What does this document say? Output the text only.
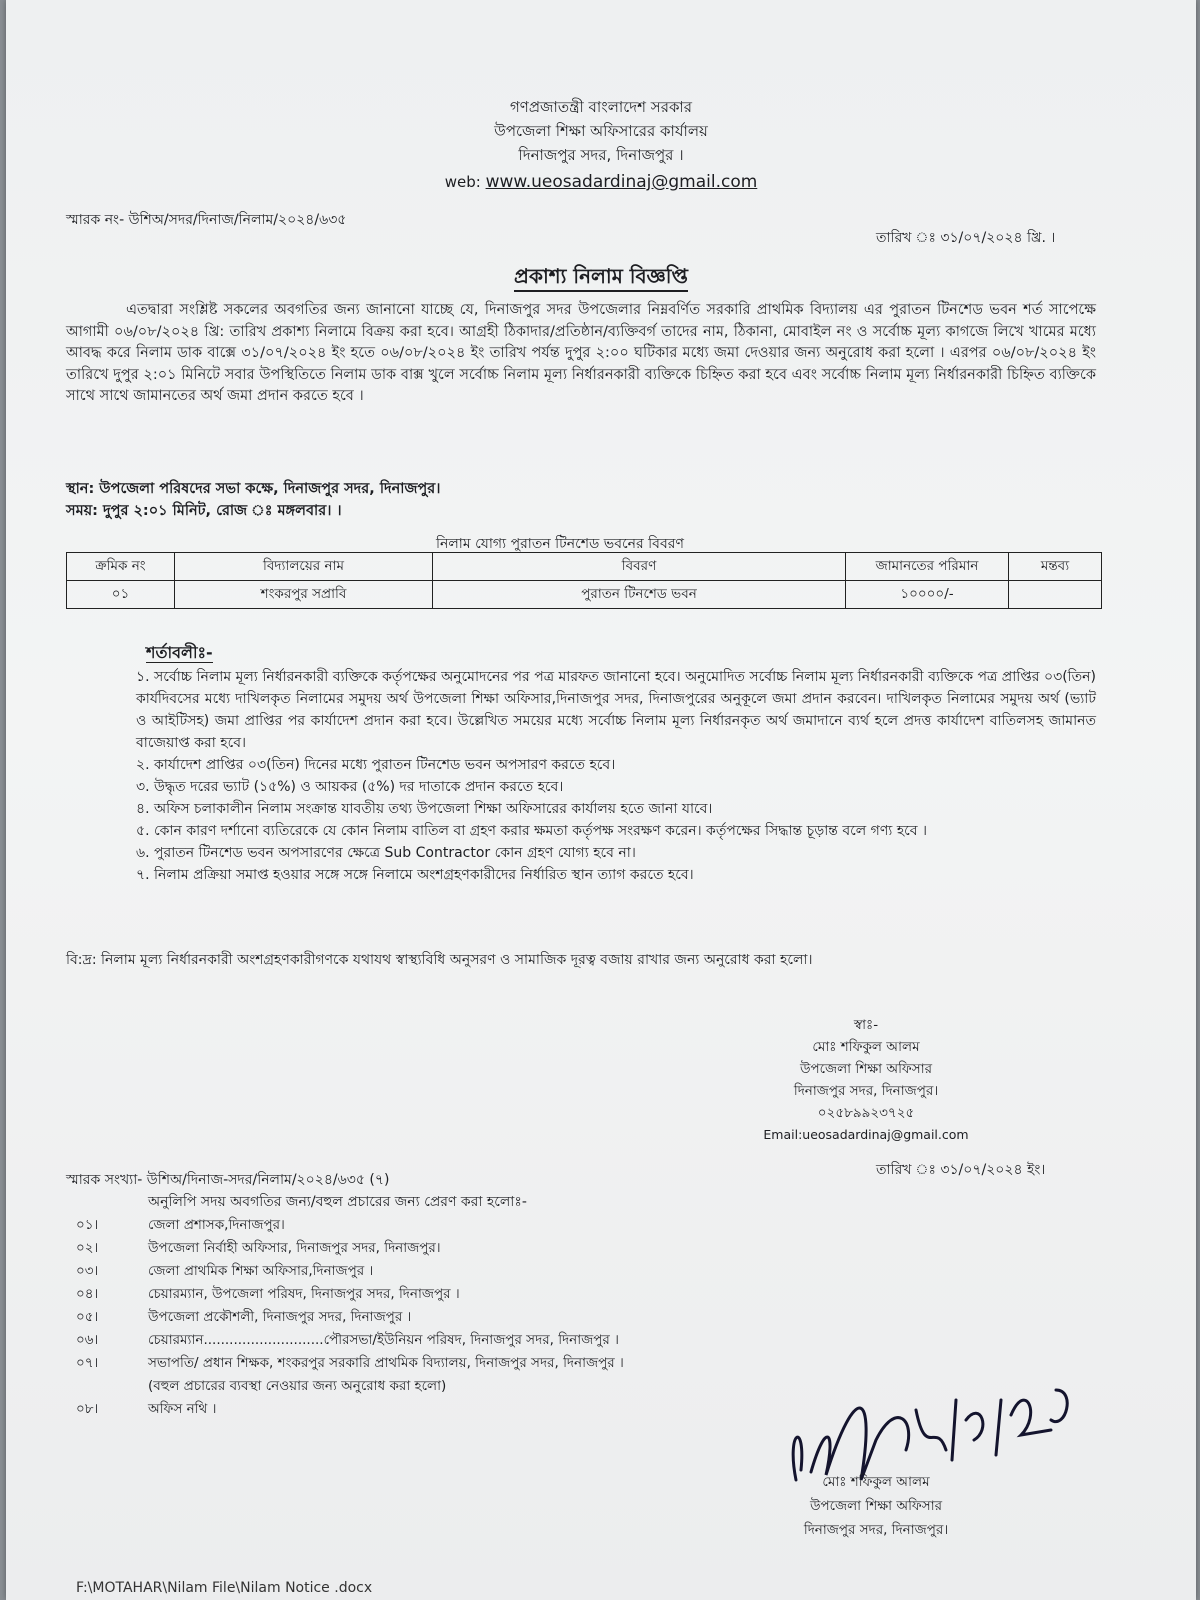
গণপ্রজাতন্ত্রী বাংলাদেশ সরকার
উপজেলা শিক্ষা অফিসারের কার্যালয়
দিনাজপুর সদর, দিনাজপুর ।
web: www.ueosadardinaj@gmail.com
স্মারক নং- উশিঅ/সদর/দিনাজ/নিলাম/২০২৪/৬৩৫
তারিখ ঃ ৩১/০৭/২০২৪ খ্রি. ।
প্রকাশ্য নিলাম বিজ্ঞপ্তি
এতদ্বারা সংশ্লিষ্ট সকলের অবগতির জন্য জানানো যাচ্ছে যে, দিনাজপুর সদর উপজেলার নিম্নবর্ণিত সরকারি প্রাথমিক বিদ্যালয় এর পুরাতন টিনশেড ভবন শর্ত সাপেক্ষে আগামী ০৬/০৮/২০২৪ খ্রি: তারিখ প্রকাশ্য নিলামে বিক্রয় করা হবে। আগ্রহী ঠিকাদার/প্রতিষ্ঠান/ব্যক্তিবর্গ তাদের নাম, ঠিকানা, মোবাইল নং ও সর্বোচ্চ মূল্য কাগজে লিখে খামের মধ্যে আবদ্ধ করে নিলাম ডাক বাক্সে ৩১/০৭/২০২৪ ইং হতে ০৬/০৮/২০২৪ ইং তারিখ পর্যন্ত দুপুর ২:০০ ঘটিকার মধ্যে জমা দেওয়ার জন্য অনুরোধ করা হলো । এরপর ০৬/০৮/২০২৪ ইং তারিখে দুপুর ২:০১ মিনিটে সবার উপস্থিতিতে নিলাম ডাক বাক্স খুলে সর্বোচ্চ নিলাম মূল্য নির্ধারনকারী ব্যক্তিকে চিহ্নিত করা হবে এবং সর্বোচ্চ নিলাম মূল্য নির্ধারনকারী চিহ্নিত ব্যক্তিকে সাথে সাথে জামানতের অর্থ জমা প্রদান করতে হবে ।
স্থান: উপজেলা পরিষদের সভা কক্ষে, দিনাজপুর সদর, দিনাজপুর।
সময়: দুপুর ২:০১ মিনিট, রোজ ঃ মঙ্গলবার। ।
নিলাম যোগ্য পুরাতন টিনশেড ভবনের বিবরণ
ক্রমিক নং	বিদ্যালয়ের নাম	বিবরণ	জামানতের পরিমান	মন্তব্য
০১	শংকরপুর সপ্রাবি	পুরাতন টিনশেড ভবন	১০০০০/-	
শর্তাবলীঃ-
১. সর্বোচ্চ নিলাম মূল্য নির্ধারনকারী ব্যক্তিকে কর্তৃপক্ষের অনুমোদনের পর পত্র মারফত জানানো হবে। অনুমোদিত সর্বোচ্চ নিলাম মূল্য নির্ধারনকারী ব্যক্তিকে পত্র প্রাপ্তির ০৩(তিন) কার্যদিবসের মধ্যে দাখিলকৃত নিলামের সমুদয় অর্থ উপজেলা শিক্ষা অফিসার,দিনাজপুর সদর, দিনাজপুরের অনুকূলে জমা প্রদান করবেন। দাখিলকৃত নিলামের সমুদয় অর্থ (ভ্যাট ও আইটিসহ) জমা প্রাপ্তির পর কার্যাদেশ প্রদান করা হবে। উল্লেখিত সময়ের মধ্যে সর্বোচ্চ নিলাম মূল্য নির্ধারনকৃত অর্থ জমাদানে ব্যর্থ হলে প্রদত্ত কার্যাদেশ বাতিলসহ জামানত বাজেয়াপ্ত করা হবে।
২. কার্যাদেশ প্রাপ্তির ০৩(তিন) দিনের মধ্যে পুরাতন টিনশেড ভবন অপসারণ করতে হবে।
৩. উদ্ধৃত দরের ভ্যাট (১৫%) ও আয়কর (৫%) দর দাতাকে প্রদান করতে হবে।
৪. অফিস চলাকালীন নিলাম সংক্রান্ত যাবতীয় তথ্য উপজেলা শিক্ষা অফিসারের কার্যালয় হতে জানা যাবে।
৫. কোন কারণ দর্শানো ব্যতিরেকে যে কোন নিলাম বাতিল বা গ্রহণ করার ক্ষমতা কর্তৃপক্ষ সংরক্ষণ করেন। কর্তৃপক্ষের সিদ্ধান্ত চূড়ান্ত বলে গণ্য হবে ।
৬. পুরাতন টিনশেড ভবন অপসারণের ক্ষেত্রে Sub Contractor কোন গ্রহণ যোগ্য হবে না।
৭. নিলাম প্রক্রিয়া সমাপ্ত হওয়ার সঙ্গে সঙ্গে নিলামে অংশগ্রহণকারীদের নির্ধারিত স্থান ত্যাগ করতে হবে।
বি:দ্র: নিলাম মূল্য নির্ধারনকারী অংশগ্রহণকারীগণকে যথাযথ স্বাস্থ্যবিধি অনুসরণ ও সামাজিক দূরত্ব বজায় রাখার জন্য অনুরোধ করা হলো।
স্বাঃ-
মোঃ শফিকুল আলম
উপজেলা শিক্ষা অফিসার
দিনাজপুর সদর, দিনাজপুর।
০২৫৮৯৯২৩৭২৫
Email:ueosadardinaj@gmail.com
স্মারক সংখ্যা- উশিঅ/দিনাজ-সদর/নিলাম/২০২৪/৬৩৫ (৭)
তারিখ ঃ ৩১/০৭/২০২৪ ইং।
অনুলিপি সদয় অবগতির জন্য/বহুল প্রচারের জন্য প্রেরণ করা হলোঃ-
০১।	জেলা প্রশাসক,দিনাজপুর।
০২।	উপজেলা নির্বাহী অফিসার, দিনাজপুর সদর, দিনাজপুর।
০৩।	জেলা প্রাথমিক শিক্ষা অফিসার,দিনাজপুর ।
০৪।	চেয়ারম্যান, উপজেলা পরিষদ, দিনাজপুর সদর, দিনাজপুর ।
০৫।	উপজেলা প্রকৌশলী, দিনাজপুর সদর, দিনাজপুর ।
০৬।	চেয়ারম্যান............................পৌরসভা/ইউনিয়ন পরিষদ, দিনাজপুর সদর, দিনাজপুর ।
০৭।	সভাপতি/ প্রধান শিক্ষক, শংকরপুর সরকারি প্রাথমিক বিদ্যালয়, দিনাজপুর সদর, দিনাজপুর ।
(বহুল প্রচারের ব্যবস্থা নেওয়ার জন্য অনুরোধ করা হলো)
০৮।	অফিস নথি ।
মোঃ শফিকুল আলম
উপজেলা শিক্ষা অফিসার
দিনাজপুর সদর, দিনাজপুর।
F:\MOTAHAR\Nilam File\Nilam Notice .docx
